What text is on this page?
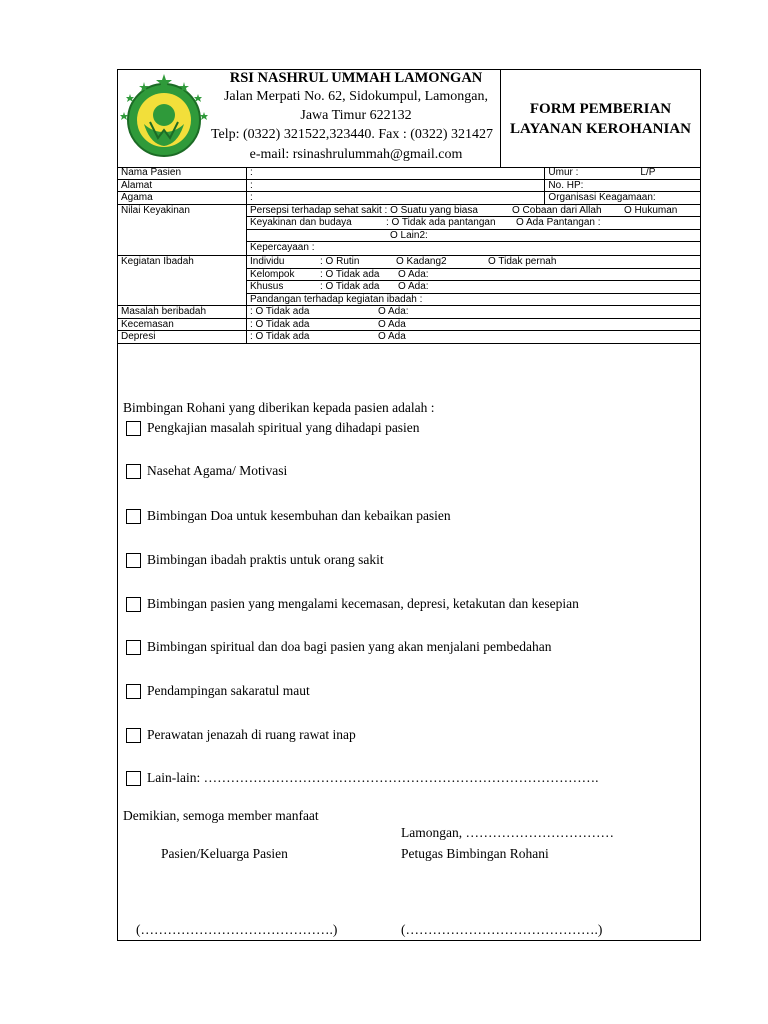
RSI NASHRUL UMMAH LAMONGAN
Jalan Merpati No. 62, Sidokumpul, Lamongan,
Jawa Timur 622132
Telp: (0322) 321522,323440. Fax : (0322) 321427
e-mail: rsinashrulummah@gmail.com
FORM PEMBERIAN
LAYANAN KEROHANIAN
Nama Pasien	:	Umur : L/P
Alamat	:	No. HP:
Agama	:	Organisasi Keagamaan:
Nilai Keyakinan	Persepsi terhadap sehat sakit : O Suatu yang biasa O Cobaan dari Allah O Hukuman	
	Keyakinan dan budaya : O Tidak ada pantangan O Ada Pantangan :	
	O Lain2:	
	Kepercayaan :	
Kegiatan Ibadah	Individu : O Rutin O Kadang2 O Tidak pernah	
	Kelompok : O Tidak ada O Ada:	
	Khusus : O Tidak ada O Ada:	
	Pandangan terhadap kegiatan ibadah :	
Masalah beribadah	: O Tidak ada O Ada:	
Kecemasan	: O Tidak ada O Ada	
Depresi	: O Tidak ada O Ada	
Bimbingan Rohani yang diberikan kepada pasien adalah :
Pengkajian masalah spiritual yang dihadapi pasien
Nasehat Agama/ Motivasi
Bimbingan Doa untuk kesembuhan dan kebaikan pasien
Bimbingan ibadah praktis untuk orang sakit
Bimbingan pasien yang mengalami kecemasan, depresi, ketakutan dan kesepian
Bimbingan spiritual dan doa bagi pasien yang akan menjalani pembedahan
Pendampingan sakaratul maut
Perawatan jenazah di ruang rawat inap
Lain-lain: …………………………………………………………………………….
Demikian, semoga member manfaat
Lamongan, ……………………………
Pasien/Keluarga Pasien	Petugas Bimbingan Rohani
(…………………………………….)	(…………………………………….)
